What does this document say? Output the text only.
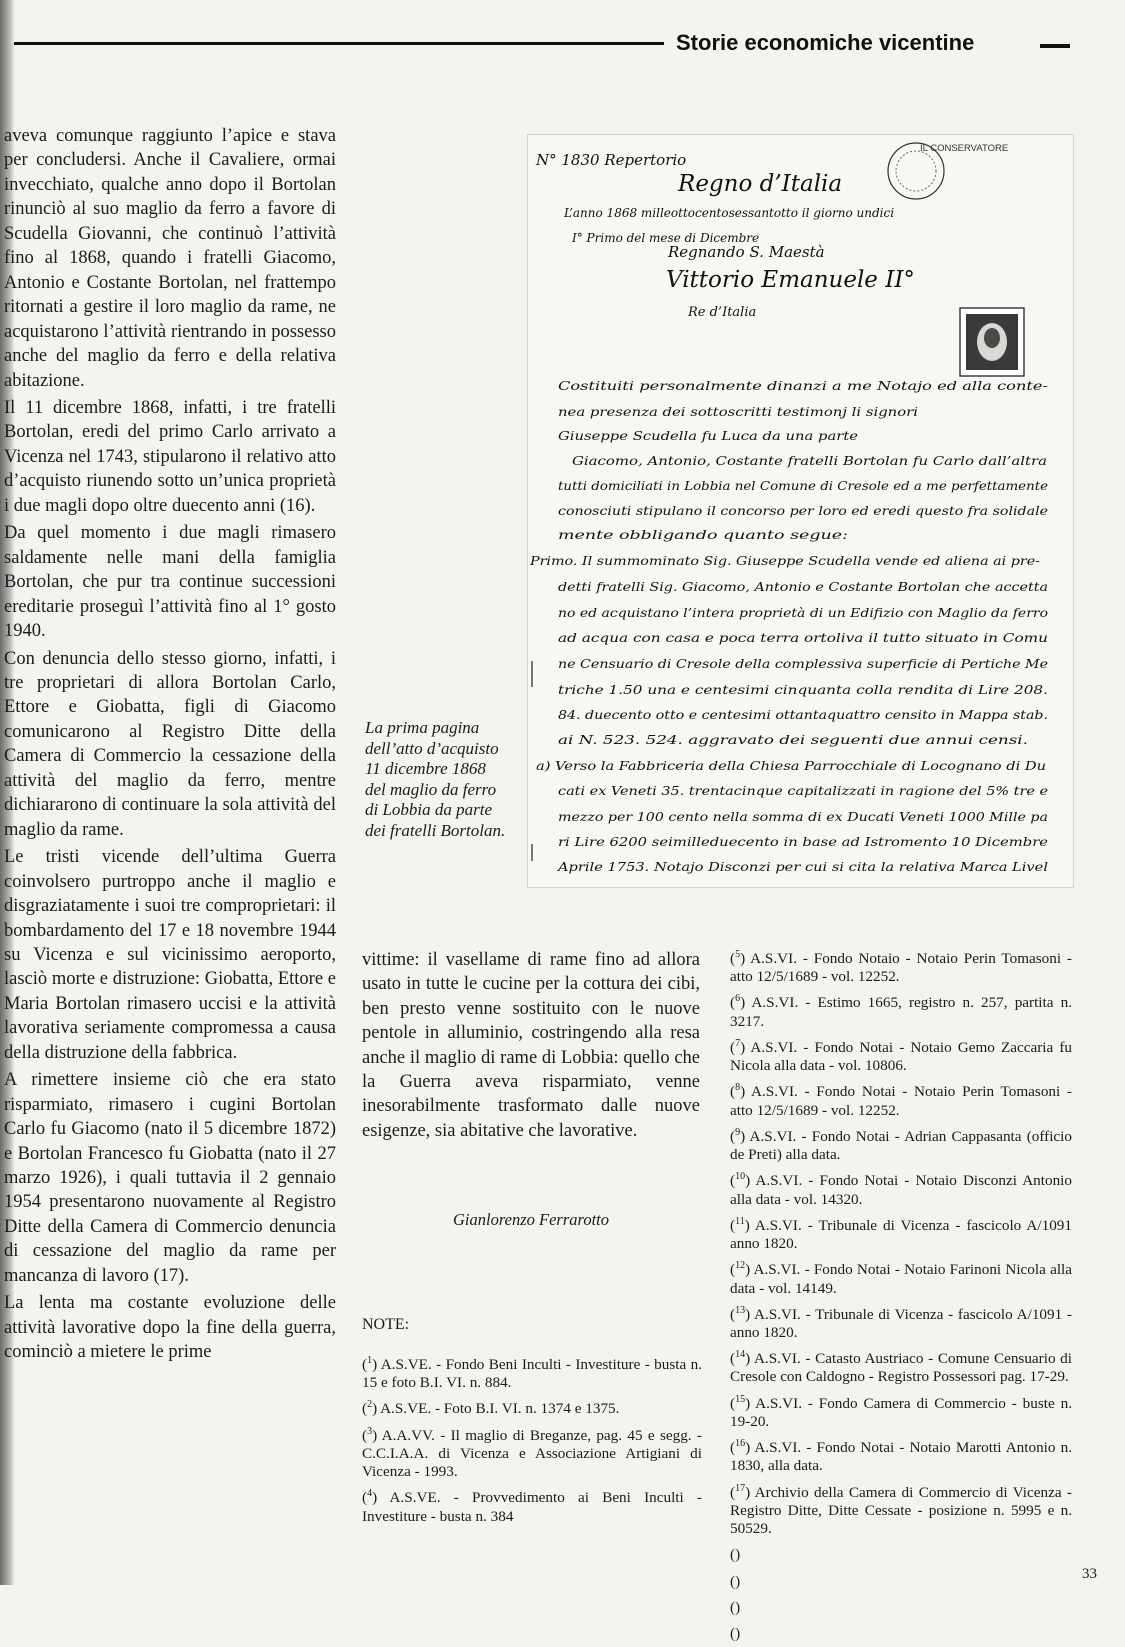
Storie economiche vicentine

aveva comunque raggiunto l’apice e stava per concludersi. Anche il Cavaliere, ormai invecchiato, qualche anno dopo il Bortolan rinunciò al suo maglio da ferro a favore di Scudella Giovanni, che continuò l’attività fino al 1868, quando i fratelli Giacomo, Antonio e Costante Bortolan, nel frattempo ritornati a gestire il loro maglio da rame, ne acquistarono l’attività rientrando in possesso anche del maglio da ferro e della relativa abitazione.

Il 11 dicembre 1868, infatti, i tre fratelli Bortolan, eredi del primo Carlo arrivato a Vicenza nel 1743, stipularono il relativo atto d’acquisto riunendo sotto un’unica proprietà i due magli dopo oltre duecento anni (16).

Da quel momento i due magli rimasero saldamente nelle mani della famiglia Bortolan, che pur tra continue successioni ereditarie proseguì l’attività fino al 1° gosto 1940.

Con denuncia dello stesso giorno, infatti, i tre proprietari di allora Bortolan Carlo, Ettore e Giobatta, figli di Giacomo comunicarono al Registro Ditte della Camera di Commercio la cessazione della attività del maglio da ferro, mentre dichiararono di continuare la sola attività del maglio da rame.

Le tristi vicende dell’ultima Guerra coinvolsero purtroppo anche il maglio e disgraziatamente i suoi tre comproprietari: il bombardamento del 17 e 18 novembre 1944 su Vicenza e sul vicinissimo aeroporto, lasciò morte e distruzione: Giobatta, Ettore e Maria Bortolan rimasero uccisi e la attività lavorativa seriamente compromessa a causa della distruzione della fabbrica.

A rimettere insieme ciò che era stato risparmiato, rimasero i cugini Bortolan Carlo fu Giacomo (nato il 5 dicembre 1872) e Bortolan Francesco fu Giobatta (nato il 27 marzo 1926), i quali tuttavia il 2 gennaio 1954 presentarono nuovamente al Registro Ditte della Camera di Commercio denuncia di cessazione del maglio da rame per mancanza di lavoro (17).

La lenta ma costante evoluzione delle attività lavorative dopo la fine della guerra, cominciò a mietere le prime

La prima pagina dell’atto d’acquisto 11 dicembre 1868 del maglio da ferro di Lobbia da parte dei fratelli Bortolan.
IL CONSERVATORE
N° 1830 Repertorio
Regno d’Italia
L’anno 1868 milleottocentosessantotto il giorno undici
I° Primo del mese di Dicembre
Regnando S. Maestà
Vittorio Emanuele II°
Re d’Italia
Costituiti personalmente dinanzi a me Notajo ed alla conte-
nea presenza dei sottoscritti testimonj li signori
Giuseppe Scudella fu Luca da una parte
Giacomo, Antonio, Costante fratelli Bortolan fu Carlo dall’altra
tutti domiciliati in Lobbia nel Comune di Cresole ed a me perfettamente
conosciuti stipulano il concorso per loro ed eredi questo fra solidale
mente obbligando quanto segue:
Primo. Il summominato Sig. Giuseppe Scudella vende ed aliena ai pre-
detti fratelli Sig. Giacomo, Antonio e Costante Bortolan che accetta
no ed acquistano l’intera proprietà di un Edifizio con Maglio da ferro
ad acqua con casa e poca terra ortoliva il tutto situato in Comu
ne Censuario di Cresole della complessiva superficie di Pertiche Me
triche 1.50 una e centesimi cinquanta colla rendita di Lire 208.
84. duecento otto e centesimi ottantaquattro censito in Mappa stab.
ai N. 523. 524. aggravato dei seguenti due annui censi.
a) Verso la Fabbriceria della Chiesa Parrocchiale di Locognano di Du
cati ex Veneti 35. trentacinque capitalizzati in ragione del 5% tre e
mezzo per 100 cento nella somma di ex Ducati Veneti 1000 Mille pa
ri Lire 6200 seimilleduecento in base ad Istromento 10 Dicembre
Aprile 1753. Notajo Disconzi per cui si cita la relativa Marca Livel
vittime: il vasellame di rame fino ad allora usato in tutte le cucine per la cottura dei cibi, ben presto venne sostituito con le nuove pentole in alluminio, costringendo alla resa anche il maglio di rame di Lobbia: quello che la Guerra aveva risparmiato, venne inesorabilmente trasformato dalle nuove esigenze, sia abitative che lavorative.
Gianlorenzo Ferrarotto
NOTE:
($^1$) A.S.VE. - Fondo Beni Inculti - Investiture - busta n. 15 e foto B.I. VI. n. 884.
($^2$) A.S.VE. - Foto B.I. VI. n. 1374 e 1375.
($^3$) A.A.VV. - Il maglio di Breganze, pag. 45 e segg. - C.C.I.A.A. di Vicenza e Associazione Artigiani di Vicenza - 1993.
($^4$) A.S.VE. - Provvedimento ai Beni Inculti - Investiture - busta n. 384
($^5$) A.S.VI. - Fondo Notaio - Notaio Perin Tomasoni - atto 12/5/1689 - vol. 12252.
($^6$) A.S.VI. - Estimo 1665, registro n. 257, partita n. 3217.
($^7$) A.S.VI. - Fondo Notai - Notaio Gemo Zaccaria fu Nicola alla data - vol. 10806.
($^8$) A.S.VI. - Fondo Notai - Notaio Perin Tomasoni - atto 12/5/1689 - vol. 12252.
($^9$) A.S.VI. - Fondo Notai - Adrian Cappasanta (officio de Preti) alla data.
($^{10}$) A.S.VI. - Fondo Notai - Notaio Disconzi Antonio alla data - vol. 14320.
($^{11}$) A.S.VI. - Tribunale di Vicenza - fascicolo A/1091 anno 1820.
($^{12}$) A.S.VI. - Fondo Notai - Notaio Farinoni Nicola alla data - vol. 14149.
($^{13}$) A.S.VI. - Tribunale di Vicenza - fascicolo A/1091 - anno 1820.
($^{14}$) A.S.VI. - Catasto Austriaco - Comune Censuario di Cresole con Caldogno - Registro Possessori pag. 17-29.
($^{15}$) A.S.VI. - Fondo Camera di Commercio - buste n. 19-20.
($^{16}$) A.S.VI. - Fondo Notai - Notaio Marotti Antonio n. 1830, alla data.
($^{17}$) Archivio della Camera di Commercio di Vicenza - Registro Ditte, Ditte Cessate - posizione n. 5995 e n. 50529.
()
()
()
()
33
